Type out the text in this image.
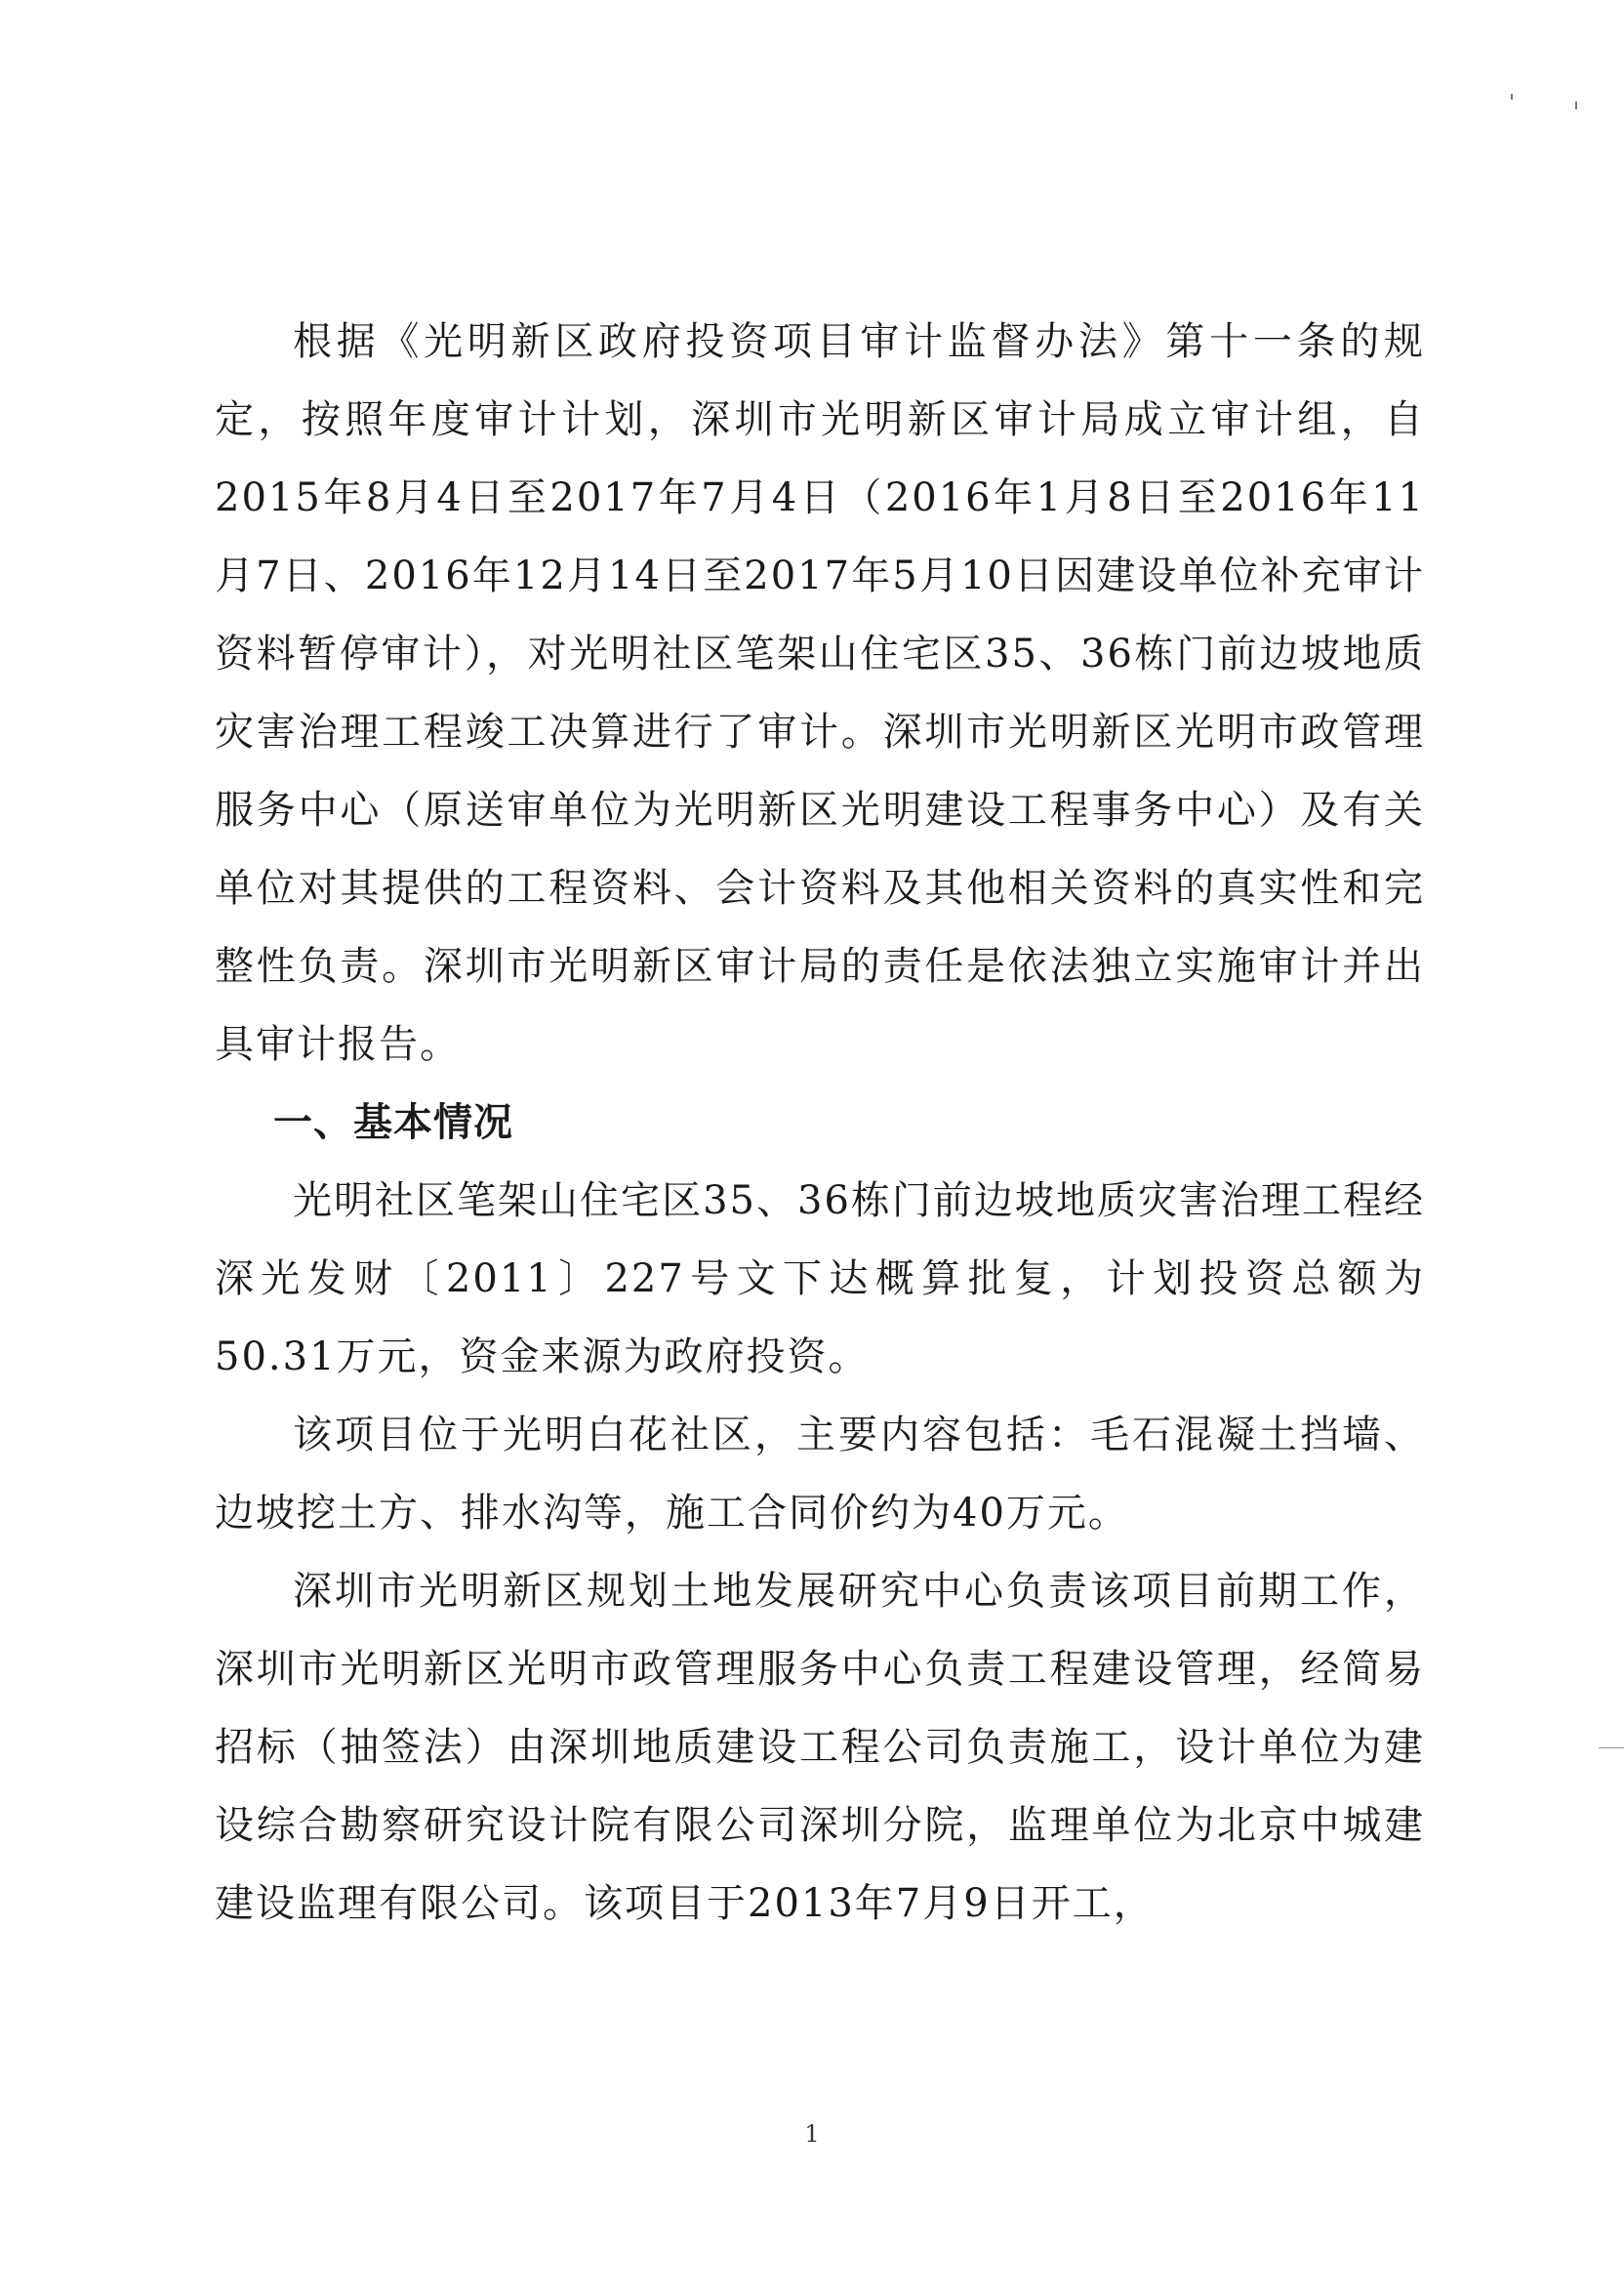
根据《光明新区政府投资项目审计监督办法》第十一条的规定，按照年度审计计划，深圳市光明新区审计局成立审计组，自2015年8月4日至2017年7月4日（2016年1月8日至2016年11月7日、2016年12月14日至2017年5月10日因建设单位补充审计资料暂停审计），对光明社区笔架山住宅区35、36栋门前边坡地质灾害治理工程竣工决算进行了审计。深圳市光明新区光明市政管理服务中心（原送审单位为光明新区光明建设工程事务中心）及有关单位对其提供的工程资料、会计资料及其他相关资料的真实性和完整性负责。深圳市光明新区审计局的责任是依法独立实施审计并出具审计报告。

一、基本情况

光明社区笔架山住宅区35、36栋门前边坡地质灾害治理工程经深光发财〔2011〕227号文下达概算批复，计划投资总额为50.31万元，资金来源为政府投资。

该项目位于光明白花社区，主要内容包括：毛石混凝土挡墙、边坡挖土方、排水沟等，施工合同价约为40万元。

深圳市光明新区规划土地发展研究中心负责该项目前期工作，深圳市光明新区光明市政管理服务中心负责工程建设管理，经简易招标（抽签法）由深圳地质建设工程公司负责施工，设计单位为建设综合勘察研究设计院有限公司深圳分院，监理单位为北京中城建建设监理有限公司。该项目于2013年7月9日开工，

1
